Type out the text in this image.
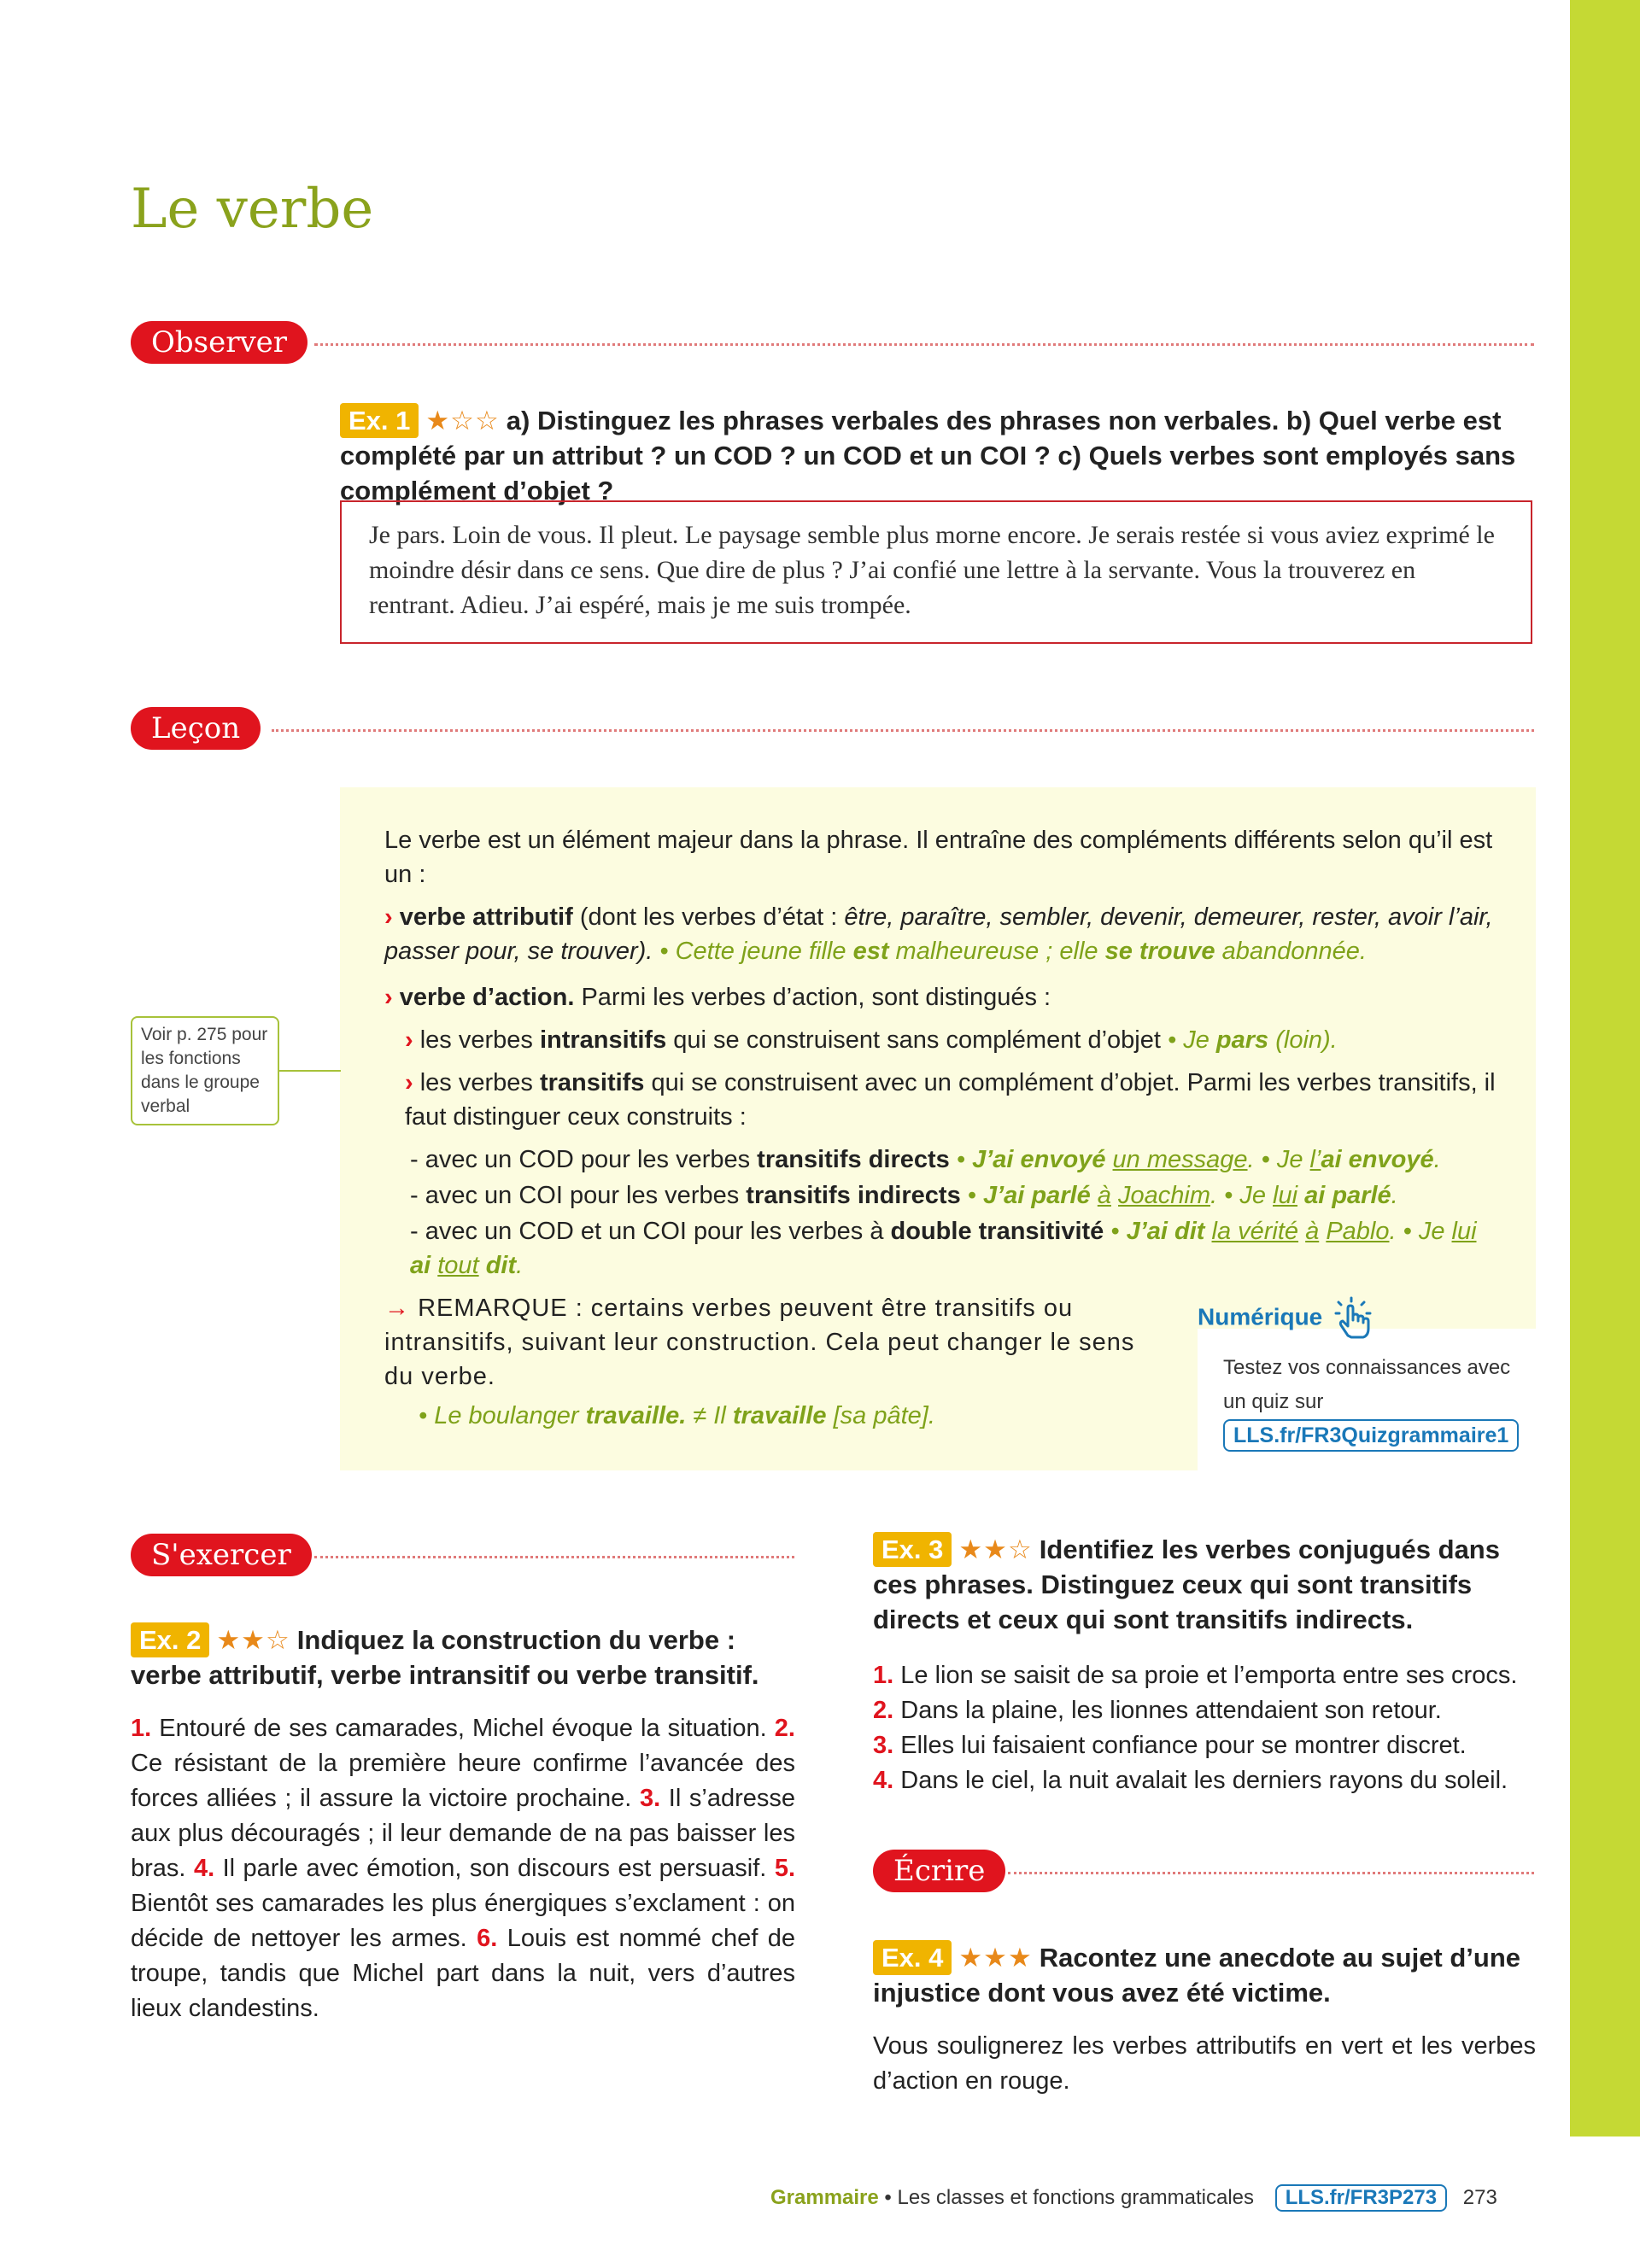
Le verbe
Observer
Ex. 1 ★☆☆ a) Distinguez les phrases verbales des phrases non verbales. b) Quel verbe est complété par un attribut ? un COD ? un COD et un COI ? c) Quels verbes sont employés sans complément d’objet ?
Je pars. Loin de vous. Il pleut. Le paysage semble plus morne encore. Je serais restée si vous aviez exprimé le moindre désir dans ce sens. Que dire de plus ? J’ai confié une lettre à la servante. Vous la trouverez en rentrant. Adieu. J’ai espéré, mais je me suis trompée.
Leçon
Le verbe est un élément majeur dans la phrase. Il entraîne des compléments différents selon qu’il est un :
› verbe attributif (dont les verbes d’état : être, paraître, sembler, devenir, demeurer, rester, avoir l’air, passer pour, se trouver). • Cette jeune fille est malheureuse ; elle se trouve abandonnée.
› verbe d’action. Parmi les verbes d’action, sont distingués :
› les verbes intransitifs qui se construisent sans complément d’objet • Je pars (loin).
› les verbes transitifs qui se construisent avec un complément d’objet. Parmi les verbes transitifs, il faut distinguer ceux construits :
- avec un COD pour les verbes transitifs directs • J’ai envoyé un message. • Je l’ai envoyé.
- avec un COI pour les verbes transitifs indirects • J’ai parlé à Joachim. • Je lui ai parlé.
- avec un COD et un COI pour les verbes à double transitivité • J’ai dit la vérité à Pablo. • Je lui ai tout dit.
→ REMARQUE : certains verbes peuvent être transitifs ou intransitifs, suivant leur construction. Cela peut changer le sens du verbe.
• Le boulanger travaille. ≠ Il travaille [sa pâte].
Voir p. 275 pour les fonctions dans le groupe verbal
Numérique
Testez vos connaissances avec un quiz sur
LLS.fr/FR3Quizgrammaire1
S'exercer
Ex. 2 ★★☆ Indiquez la construction du verbe : verbe attributif, verbe intransitif ou verbe transitif.
1. Entouré de ses camarades, Michel évoque la situation. 2. Ce résistant de la première heure confirme l’avancée des forces alliées ; il assure la victoire prochaine. 3. Il s’adresse aux plus découragés ; il leur demande de na pas baisser les bras. 4. Il parle avec émotion, son discours est persuasif. 5. Bientôt ses camarades les plus énergiques s’exclament : on décide de nettoyer les armes. 6. Louis est nommé chef de troupe, tandis que Michel part dans la nuit, vers d’autres lieux clandestins.
Ex. 3 ★★☆ Identifiez les verbes conjugués dans ces phrases. Distinguez ceux qui sont transitifs directs et ceux qui sont transitifs indirects.
1. Le lion se saisit de sa proie et l’emporta entre ses crocs.
2. Dans la plaine, les lionnes attendaient son retour.
3. Elles lui faisaient confiance pour se montrer discret.
4. Dans le ciel, la nuit avalait les derniers rayons du soleil.
Écrire
Ex. 4 ★★★ Racontez une anecdote au sujet d’une injustice dont vous avez été victime.
Vous soulignerez les verbes attributifs en vert et les verbes d’action en rouge.
Grammaire • Les classes et fonctions grammaticales LLS.fr/FR3P273 273
